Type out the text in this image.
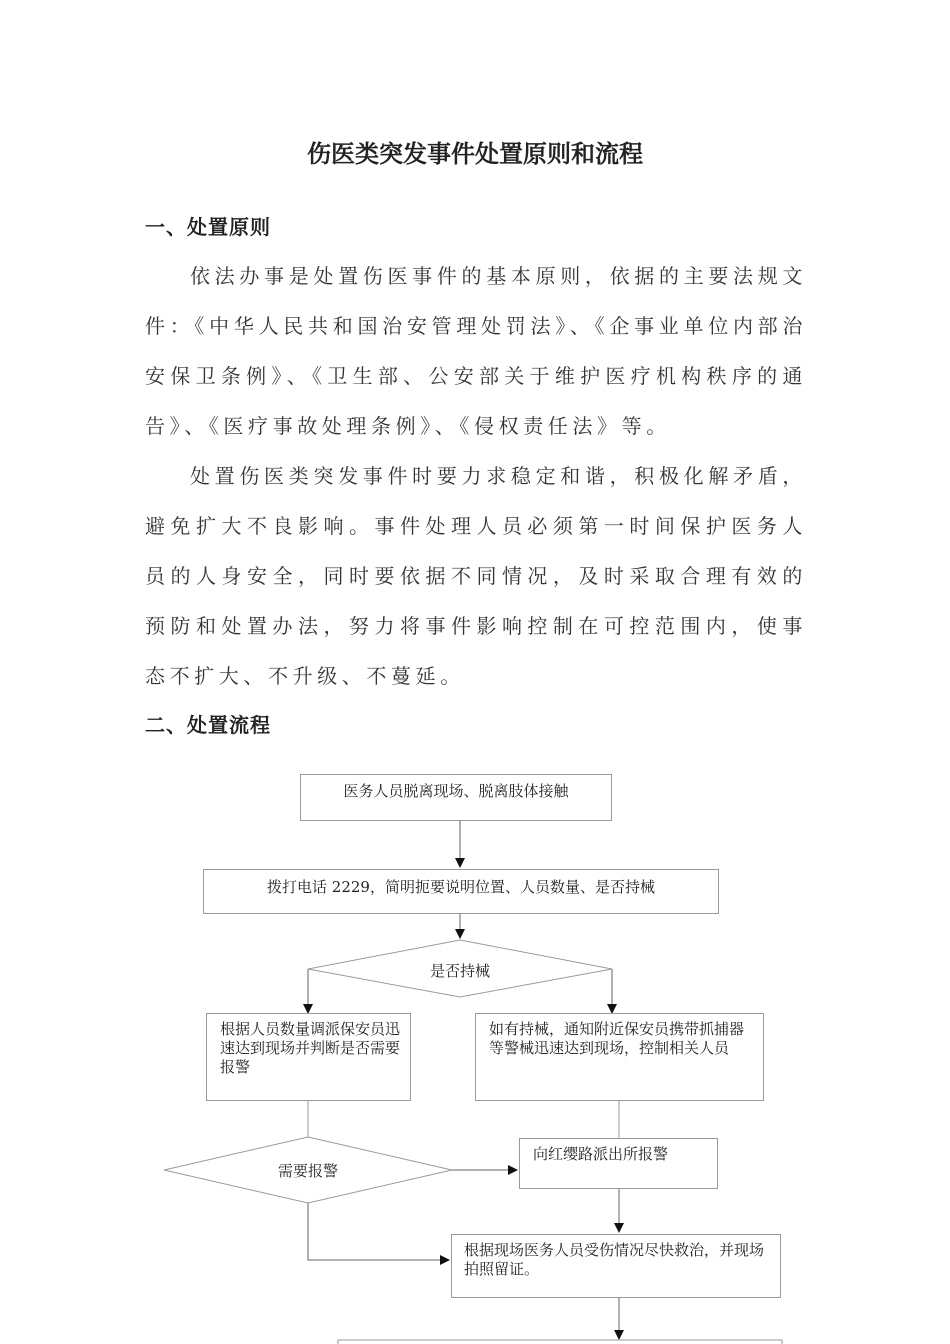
伤医类突发事件处置原则和流程
一、处置原则
依法办事是处置伤医事件的基本原则，依据的主要法规文件：《中华人民共和国治安管理处罚法》、《企事业单位内部治安保卫条例》、《卫生部、公安部关于维护医疗机构秩序的通告》、《医疗事故处理条例》、《侵权责任法》等。
处置伤医类突发事件时要力求稳定和谐，积极化解矛盾，避免扩大不良影响。事件处理人员必须第一时间保护医务人员的人身安全，同时要依据不同情况，及时采取合理有效的预防和处置办法，努力将事件影响控制在可控范围内，使事态不扩大、不升级、不蔓延。
二、处置流程
医务人员脱离现场、脱离肢体接触
拨打电话 2229，简明扼要说明位置、人员数量、是否持械
是否持械
根据人员数量调派保安员迅速达到现场并判断是否需要报警
如有持械，通知附近保安员携带抓捕器等警械迅速达到现场，控制相关人员
需要报警
向红缨路派出所报警
根据现场医务人员受伤情况尽快救治，并现场拍照留证。
